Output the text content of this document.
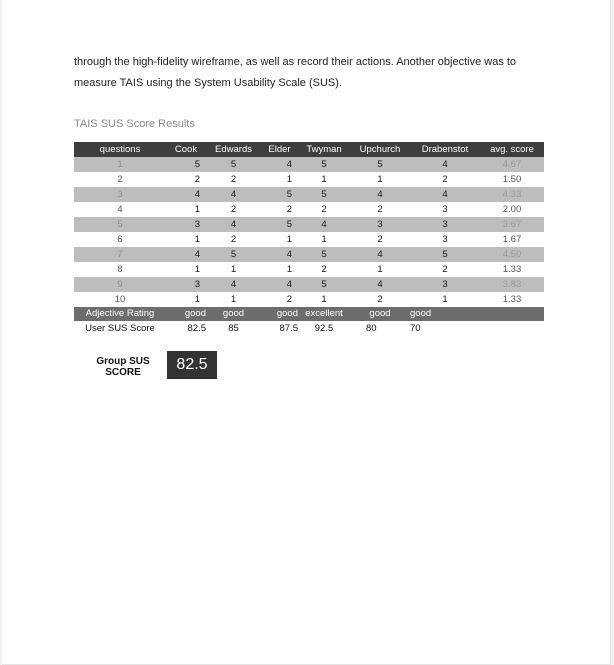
through the high-fidelity wireframe, as well as record their actions. Another objective was to measure TAIS using the System Usability Scale (SUS).
TAIS SUS Score Results
questions	Cook	Edwards	Elder	Twyman	Upchurch	Drabenstot	avg. score
1	5	5	4	5	5	4	4.67
2	2	2	1	1	1	2	1.50
3	4	4	5	5	4	4	4.33
4	1	2	2	2	2	3	2.00
5	3	4	5	4	3	3	3.67
6	1	2	1	1	2	3	1.67
7	4	5	4	5	4	5	4.50
8	1	1	1	2	1	2	1.33
9	3	4	4	5	4	3	3.83
10	1	1	2	1	2	1	1.33
Adjective Rating	good	good	good	excellent	good	good	
User SUS Score	82.5	85	87.5	92.5	80	70	
Group SUS SCORE	82.5
